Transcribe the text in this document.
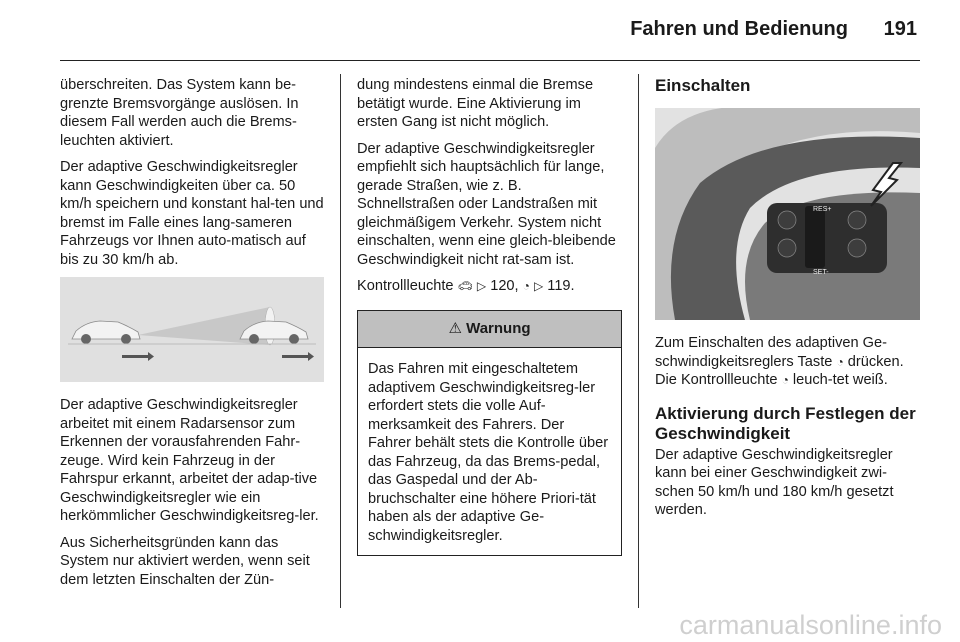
Fahren und Bedienung 191

überschreiten. Das System kann be-grenzte Bremsvorgänge auslösen. In diesem Fall werden auch die Brems-leuchten aktiviert.

Der adaptive Geschwindigkeitsregler kann Geschwindigkeiten über ca. 50 km/h speichern und konstant hal-ten und bremst im Falle eines lang-sameren Fahrzeugs vor Ihnen auto-matisch auf bis zu 30 km/h ab.

Der adaptive Geschwindigkeitsregler arbeitet mit einem Radarsensor zum Erkennen der vorausfahrenden Fahr-zeuge. Wird kein Fahrzeug in der Fahrspur erkannt, arbeitet der adap-tive Geschwindigkeitsregler wie ein herkömmlicher Geschwindigkeitsreg-ler.

Aus Sicherheitsgründen kann das System nur aktiviert werden, wenn seit dem letzten Einschalten der Zün-

dung mindestens einmal die Bremse betätigt wurde. Eine Aktivierung im ersten Gang ist nicht möglich.

Der adaptive Geschwindigkeitsregler empfiehlt sich hauptsächlich für lange, gerade Straßen, wie z. B. Schnellstraßen oder Landstraßen mit gleichmäßigem Verkehr. System nicht einschalten, wenn eine gleich-bleibende Geschwindigkeit nicht rat-sam ist.

Kontrollleuchte 🚗︎ ▷ 120, ◔ ▷ 119.

⚠︎ Warnung
Das Fahren mit eingeschaltetem adaptivem Geschwindigkeitsreg-ler erfordert stets die volle Auf-merksamkeit des Fahrers. Der Fahrer behält stets die Kontrolle über das Fahrzeug, da das Brems-pedal, das Gaspedal und der Ab-bruchschalter eine höhere Priori-tät haben als der adaptive Ge-schwindigkeitsregler.
Einschalten
RES+
SET-

Zum Einschalten des adaptiven Ge-schwindigkeitsreglers Taste ◔ drücken. Die Kontrollleuchte ◔ leuch-tet weiß.

Aktivierung durch Festlegen der Geschwindigkeit

Der adaptive Geschwindigkeitsregler kann bei einer Geschwindigkeit zwi-schen 50 km/h und 180 km/h gesetzt werden.

carmanualsonline.info
